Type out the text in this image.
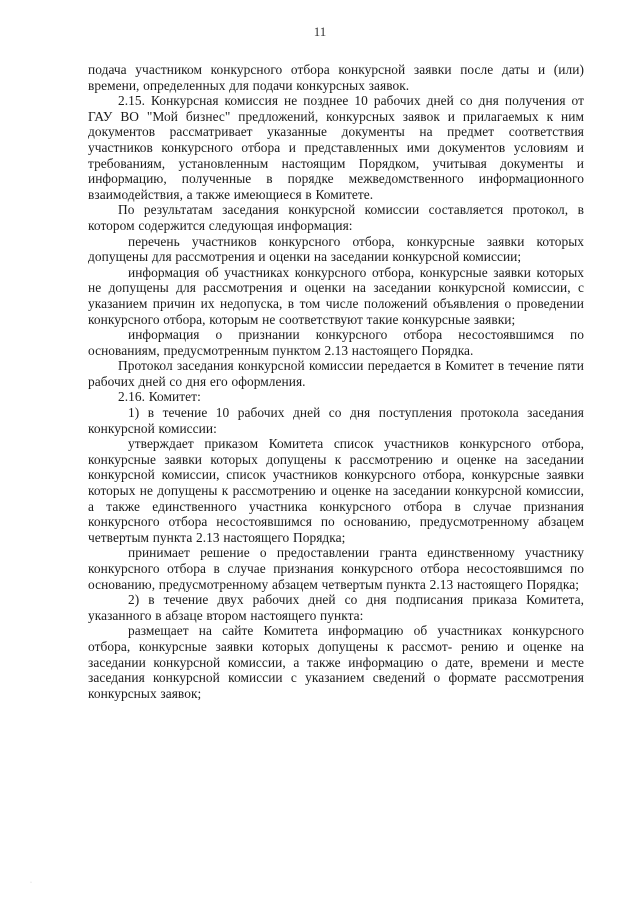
11

подача участником конкурсного отбора конкурсной заявки после даты и (или) времени, определенных для подачи конкурсных заявок.

2.15. Конкурсная комиссия не позднее 10 рабочих дней со дня получения от ГАУ ВО "Мой бизнес" предложений, конкурсных заявок и прилагаемых к ним документов рассматривает указанные документы на предмет соответствия участников конкурсного отбора и представленных ими документов условиям и требованиям, установленным настоящим Порядком, учитывая документы и информацию, полученные в порядке межведомственного информационного взаимодействия, а также имеющиеся в Комитете.

По результатам заседания конкурсной комиссии составляется протокол, в котором содержится следующая информация:

перечень участников конкурсного отбора, конкурсные заявки которых допущены для рассмотрения и оценки на заседании конкурсной комиссии;

информация об участниках конкурсного отбора, конкурсные заявки которых не допущены для рассмотрения и оценки на заседании конкурсной комиссии, с указанием причин их недопуска, в том числе положений объявления о проведении конкурсного отбора, которым не соответствуют такие конкурсные заявки;

информация о признании конкурсного отбора несостоявшимся по основаниям, предусмотренным пунктом 2.13 настоящего Порядка.

Протокол заседания конкурсной комиссии передается в Комитет в течение пяти рабочих дней со дня его оформления.

2.16. Комитет:

1) в течение 10 рабочих дней со дня поступления протокола заседания конкурсной комиссии:

утверждает приказом Комитета список участников конкурсного отбора, конкурсные заявки которых допущены к рассмотрению и оценке на заседании конкурсной комиссии, список участников конкурсного отбора, конкурсные заявки которых не допущены к рассмотрению и оценке на заседании конкурсной комиссии, а также единственного участника конкурсного отбора в случае признания конкурсного отбора несостоявшимся по основанию, предусмотренному абзацем четвертым пункта 2.13 настоящего Порядка;

принимает решение о предоставлении гранта единственному участнику конкурсного отбора в случае признания конкурсного отбора несостоявшимся по основанию, предусмотренному абзацем четвертым пункта 2.13 настоящего Порядка;

2) в течение двух рабочих дней со дня подписания приказа Комитета, указанного в абзаце втором настоящего пункта:

размещает на сайте Комитета информацию об участниках конкурсного отбора, конкурсные заявки которых допущены к рассмот- рению и оценке на заседании конкурсной комиссии, а также информацию о дате, времени и месте заседания конкурсной комиссии с указанием сведений о формате рассмотрения конкурсных заявок;

·
